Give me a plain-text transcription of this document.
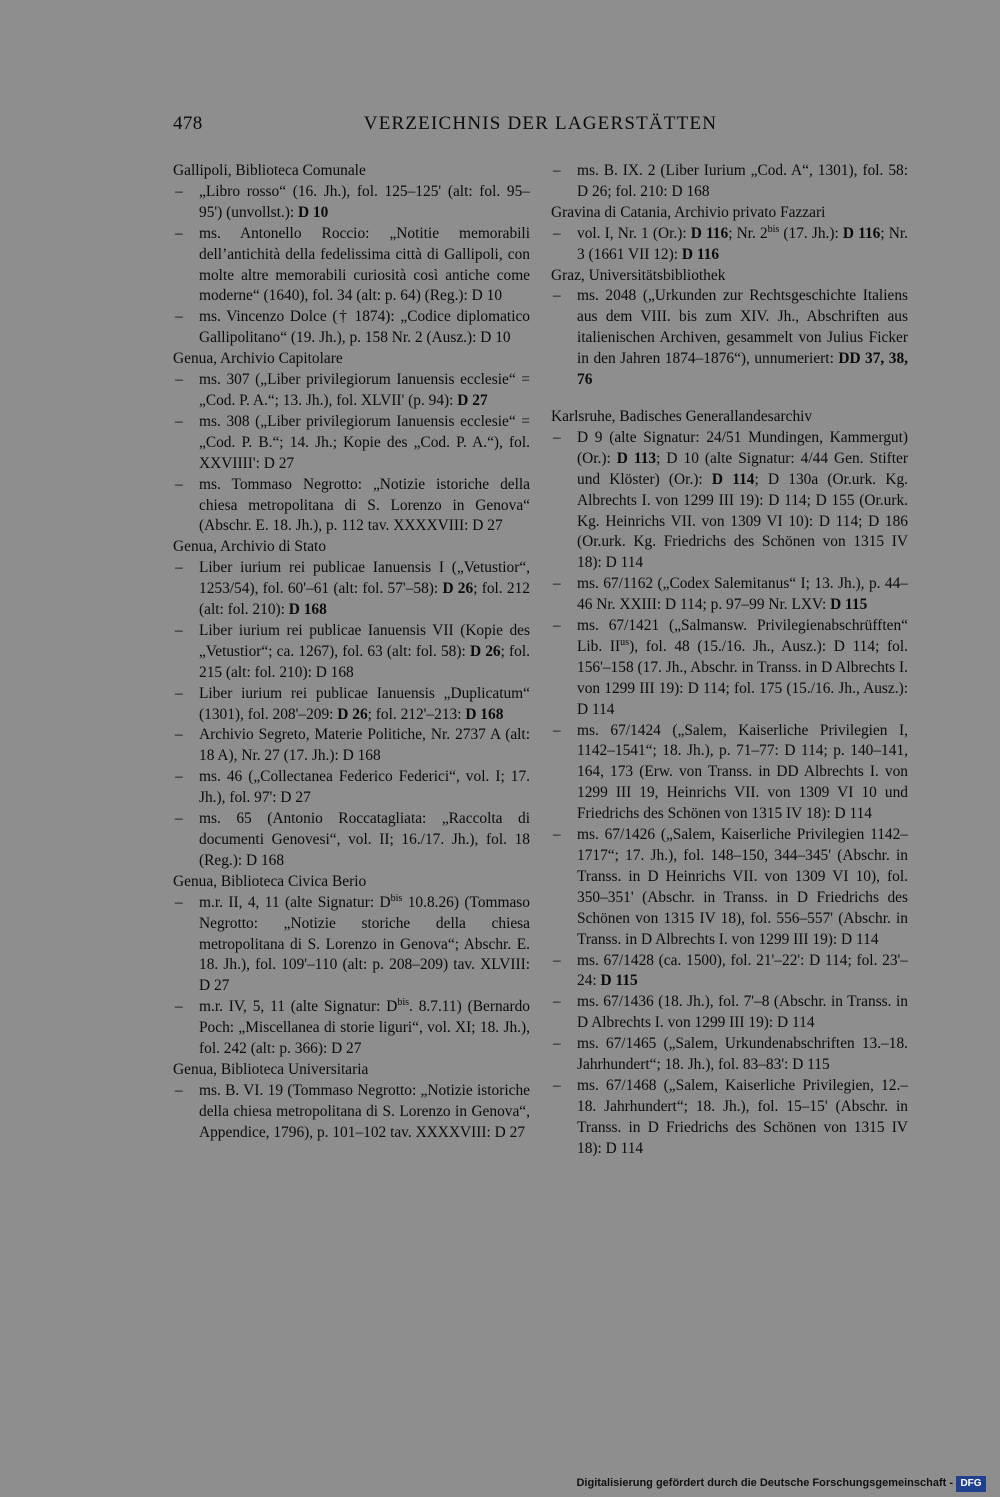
478	VERZEICHNIS DER LAGERSTÄTTEN
Gallipoli, Biblioteca Comunale
– „Libro rosso“ (16. Jh.), fol. 125–125' (alt: fol. 95–95') (unvollst.): D 10
– ms. Antonello Roccio: „Notitie memorabili dell’antichità della fedelissima città di Gallipoli, con molte altre memorabili curiosità così antiche come moderne“ (1640), fol. 34 (alt: p. 64) (Reg.): D 10
– ms. Vincenzo Dolce († 1874): „Codice diplomatico Gallipolitano“ (19. Jh.), p. 158 Nr. 2 (Ausz.): D 10
Genua, Archivio Capitolare
– ms. 307 („Liber privilegiorum Ianuensis ecclesie“ = „Cod. P. A.“; 13. Jh.), fol. XLVII' (p. 94): D 27
– ms. 308 („Liber privilegiorum Ianuensis ecclesie“ = „Cod. P. B.“; 14. Jh.; Kopie des „Cod. P. A.“), fol. XXVIIII': D 27
– ms. Tommaso Negrotto: „Notizie istoriche della chiesa metropolitana di S. Lorenzo in Genova“ (Abschr. E. 18. Jh.), p. 112 tav. XXXXVIII: D 27
Genua, Archivio di Stato
– Liber iurium rei publicae Ianuensis I („Vetustior“, 1253/54), fol. 60'–61 (alt: fol. 57'–58): D 26; fol. 212 (alt: fol. 210): D 168
– Liber iurium rei publicae Ianuensis VII (Kopie des „Vetustior“; ca. 1267), fol. 63 (alt: fol. 58): D 26; fol. 215 (alt: fol. 210): D 168
– Liber iurium rei publicae Ianuensis „Duplicatum“ (1301), fol. 208'–209: D 26; fol. 212'–213: D 168
– Archivio Segreto, Materie Politiche, Nr. 2737 A (alt: 18 A), Nr. 27 (17. Jh.): D 168
– ms. 46 („Collectanea Federico Federici“, vol. I; 17. Jh.), fol. 97': D 27
– ms. 65 (Antonio Roccatagliata: „Raccolta di documenti Genovesi“, vol. II; 16./17. Jh.), fol. 18 (Reg.): D 168
Genua, Biblioteca Civica Berio
– m.r. II, 4, 11 (alte Signatur: $D^{bis}$ 10.8.26) (Tommaso Negrotto: „Notizie storiche della chiesa metropolitana di S. Lorenzo in Genova“; Abschr. E. 18. Jh.), fol. 109'–110 (alt: p. 208–209) tav. XLVIII: D 27
– m.r. IV, 5, 11 (alte Signatur: $D^{bis}$. 8.7.11) (Bernardo Poch: „Miscellanea di storie liguri“, vol. XI; 18. Jh.), fol. 242 (alt: p. 366): D 27
Genua, Biblioteca Universitaria
– ms. B. VI. 19 (Tommaso Negrotto: „Notizie istoriche della chiesa metropolitana di S. Lorenzo in Genova“, Appendice, 1796), p. 101–102 tav. XXXXVIII: D 27
– ms. B. IX. 2 (Liber Iurium „Cod. A“, 1301), fol. 58: D 26; fol. 210: D 168
Gravina di Catania, Archivio privato Fazzari
– vol. I, Nr. 1 (Or.): D 116; Nr. $2^{bis}$ (17. Jh.): D 116; Nr. 3 (1661 VII 12): D 116
Graz, Universitätsbibliothek
– ms. 2048 („Urkunden zur Rechtsgeschichte Italiens aus dem VIII. bis zum XIV. Jh., Abschriften aus italienischen Archiven, gesammelt von Julius Ficker in den Jahren 1874–1876“), unnumeriert: DD 37, 38, 76
Karlsruhe, Badisches Generallandesarchiv
– D 9 (alte Signatur: 24/51 Mundingen, Kammergut) (Or.): D 113; D 10 (alte Signatur: 4/44 Gen. Stifter und Klöster) (Or.): D 114; D 130a (Or.urk. Kg. Albrechts I. von 1299 III 19): D 114; D 155 (Or.urk. Kg. Heinrichs VII. von 1309 VI 10): D 114; D 186 (Or.urk. Kg. Friedrichs des Schönen von 1315 IV 18): D 114
– ms. 67/1162 („Codex Salemitanus“ I; 13. Jh.), p. 44–46 Nr. XXIII: D 114; p. 97–99 Nr. LXV: D 115
– ms. 67/1421 („Salmansw. Privilegienabschrüfften“ Lib. $II^{us}$), fol. 48 (15./16. Jh., Ausz.): D 114; fol. 156'–158 (17. Jh., Abschr. in Transs. in D Albrechts I. von 1299 III 19): D 114; fol. 175 (15./16. Jh., Ausz.): D 114
– ms. 67/1424 („Salem, Kaiserliche Privilegien I, 1142–1541“; 18. Jh.), p. 71–77: D 114; p. 140–141, 164, 173 (Erw. von Transs. in DD Albrechts I. von 1299 III 19, Heinrichs VII. von 1309 VI 10 und Friedrichs des Schönen von 1315 IV 18): D 114
– ms. 67/1426 („Salem, Kaiserliche Privilegien 1142–1717“; 17. Jh.), fol. 148–150, 344–345' (Abschr. in Transs. in D Heinrichs VII. von 1309 VI 10), fol. 350–351' (Abschr. in Transs. in D Friedrichs des Schönen von 1315 IV 18), fol. 556–557' (Abschr. in Transs. in D Albrechts I. von 1299 III 19): D 114
– ms. 67/1428 (ca. 1500), fol. 21'–22': D 114; fol. 23'–24: D 115
– ms. 67/1436 (18. Jh.), fol. 7'–8 (Abschr. in Transs. in D Albrechts I. von 1299 III 19): D 114
– ms. 67/1465 („Salem, Urkundenabschriften 13.–18. Jahrhundert“; 18. Jh.), fol. 83–83': D 115
– ms. 67/1468 („Salem, Kaiserliche Privilegien, 12.–18. Jahrhundert“; 18. Jh.), fol. 15–15' (Abschr. in Transs. in D Friedrichs des Schönen von 1315 IV 18): D 114
Digitalisierung gefördert durch die Deutsche Forschungsgemeinschaft - DFG
